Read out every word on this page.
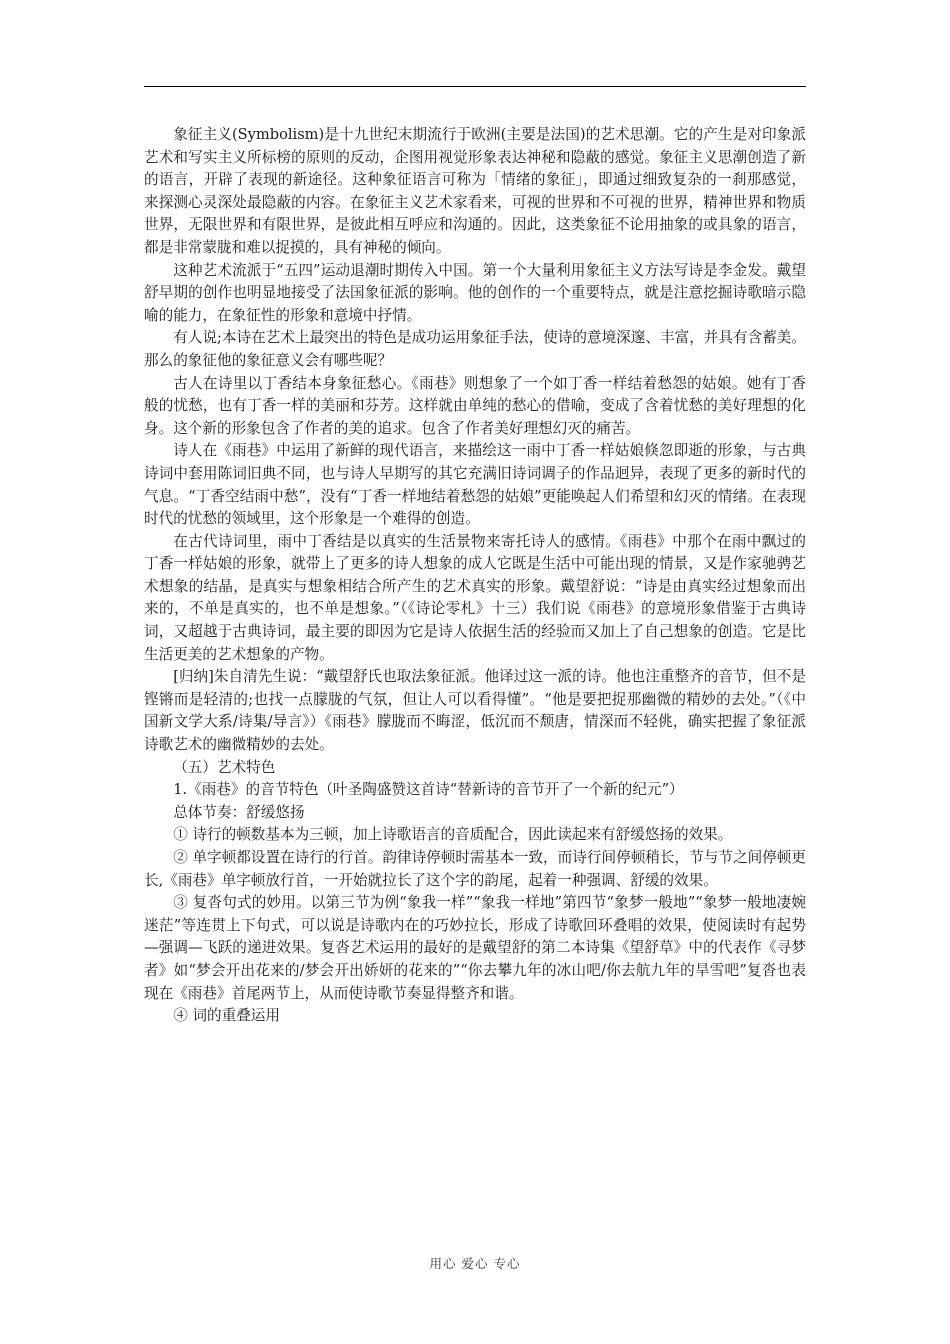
象征主义(Symbolism)是十九世纪末期流行于欧洲(主要是法国)的艺术思潮。它的产生是对印象派艺术和写实主义所标榜的原则的反动，企图用视觉形象表达神秘和隐蔽的感觉。象征主义思潮创造了新的语言，开辟了表现的新途径。这种象征语言可称为「情绪的象征」，即通过细致复杂的一刹那感觉，来探测心灵深处最隐蔽的内容。在象征主义艺术家看来，可视的世界和不可视的世界，精神世界和物质世界，无限世界和有限世界，是彼此相互呼应和沟通的。因此，这类象征不论用抽象的或具象的语言，都是非常蒙胧和难以捉摸的，具有神秘的倾向。

这种艺术流派于“五四”运动退潮时期传入中国。第一个大量利用象征主义方法写诗是李金发。戴望舒早期的创作也明显地接受了法国象征派的影响。他的创作的一个重要特点，就是注意挖掘诗歌暗示隐喻的能力，在象征性的形象和意境中抒情。

有人说;本诗在艺术上最突出的特色是成功运用象征手法，使诗的意境深邃、丰富，并具有含蓄美。那么的象征他的象征意义会有哪些呢？

古人在诗里以丁香结本身象征愁心。《雨巷》则想象了一个如丁香一样结着愁怨的姑娘。她有丁香般的忧愁，也有丁香一样的美丽和芬芳。这样就由单纯的愁心的借喻，变成了含着忧愁的美好理想的化身。这个新的形象包含了作者的美的追求。包含了作者美好理想幻灭的痛苦。

诗人在《雨巷》中运用了新鲜的现代语言，来描绘这一雨中丁香一样姑娘倏忽即逝的形象，与古典诗词中套用陈词旧典不同，也与诗人早期写的其它充满旧诗词调子的作品迥异，表现了更多的新时代的气息。“丁香空结雨中愁”，没有“丁香一样地结着愁怨的姑娘”更能唤起人们希望和幻灭的情绪。在表现时代的忧愁的领域里，这个形象是一个难得的创造。

在古代诗词里，雨中丁香结是以真实的生活景物来寄托诗人的感情。《雨巷》中那个在雨中飘过的丁香一样姑娘的形象，就带上了更多的诗人想象的成人它既是生活中可能出现的情景，又是作家驰骋艺术想象的结晶，是真实与想象相结合所产生的艺术真实的形象。戴望舒说：“诗是由真实经过想象而出来的，不单是真实的，也不单是想象。”（《诗论零札》十三）我们说《雨巷》的意境形象借鉴于古典诗词，又超越于古典诗词，最主要的即因为它是诗人依据生活的经验而又加上了自己想象的创造。它是比生活更美的艺术想象的产物。

[归纳]朱自清先生说：“戴望舒氏也取法象征派。他译过这一派的诗。他也注重整齐的音节，但不是铿锵而是轻清的;也找一点朦胧的气氛，但让人可以看得懂”。“他是要把捉那幽微的精妙的去处。”（《中国新文学大系/诗集/导言》）《雨巷》朦胧而不晦涩，低沉而不颓唐，情深而不轻佻，确实把握了象征派诗歌艺术的幽微精妙的去处。

（五）艺术特色

1.《雨巷》的音节特色（叶圣陶盛赞这首诗“替新诗的音节开了一个新的纪元”）

总体节奏：舒缓悠扬

① 诗行的顿数基本为三顿，加上诗歌语言的音质配合，因此读起来有舒缓悠扬的效果。

② 单字顿都设置在诗行的行首。韵律诗停顿时需基本一致，而诗行间停顿稍长，节与节之间停顿更长,《雨巷》单字顿放行首，一开始就拉长了这个字的韵尾，起着一种强调、舒缓的效果。

③ 复沓句式的妙用。以第三节为例“象我一样”“象我一样地”第四节“象梦一般地”“象梦一般地凄婉迷茫”等连贯上下句式，可以说是诗歌内在的巧妙拉长，形成了诗歌回环叠唱的效果，使阅读时有起势—强调—飞跃的递进效果。复沓艺术运用的最好的是戴望舒的第二本诗集《望舒草》中的代表作《寻梦者》如“梦会开出花来的/梦会开出娇妍的花来的”“你去攀九年的冰山吧/你去航九年的旱雪吧”复沓也表现在《雨巷》首尾两节上，从而使诗歌节奏显得整齐和谐。

④ 词的重叠运用

用心 爱心 专心
